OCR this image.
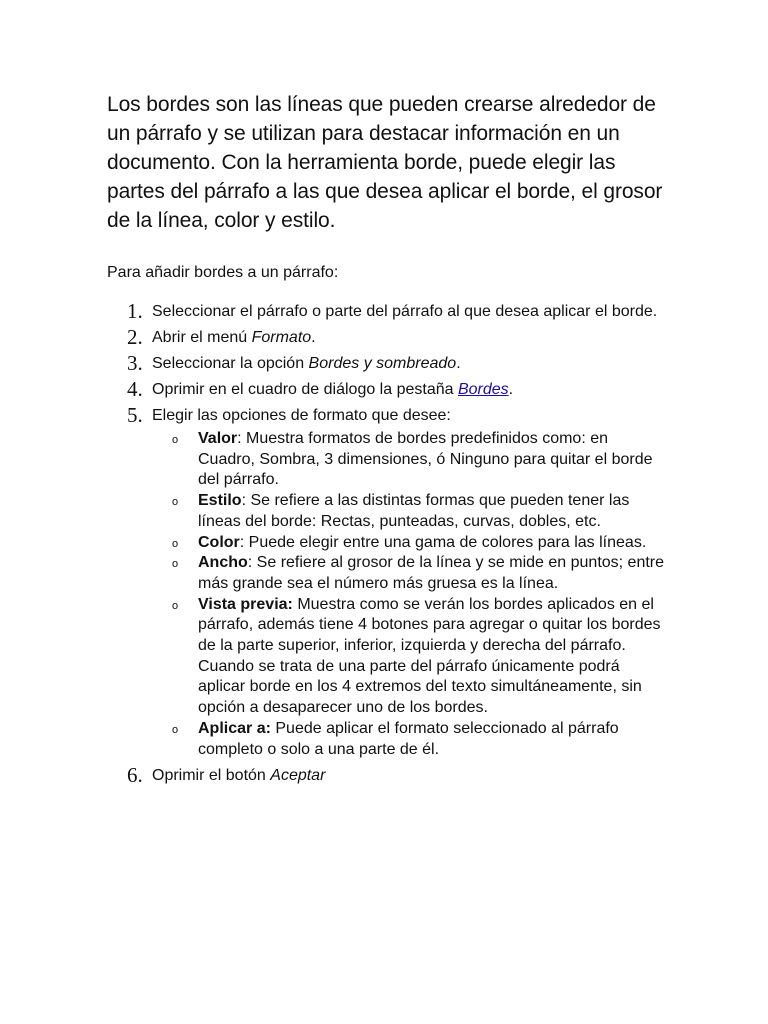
Los bordes son las líneas que pueden crearse alrededor de un párrafo y se utilizan para destacar información en un documento. Con la herramienta borde, puede elegir las partes del párrafo a las que desea aplicar el borde, el grosor de la línea, color y estilo.

Para añadir bordes a un párrafo:

1. Seleccionar el párrafo o parte del párrafo al que desea aplicar el borde.
2. Abrir el menú Formato.
3. Seleccionar la opción Bordes y sombreado.
4. Oprimir en el cuadro de diálogo la pestaña Bordes.
5. Elegir las opciones de formato que desee:
o Valor: Muestra formatos de bordes predefinidos como: en Cuadro, Sombra, 3 dimensiones, ó Ninguno para quitar el borde del párrafo.
o Estilo: Se refiere a las distintas formas que pueden tener las líneas del borde: Rectas, punteadas, curvas, dobles, etc.
o Color: Puede elegir entre una gama de colores para las líneas.
o Ancho: Se refiere al grosor de la línea y se mide en puntos; entre más grande sea el número más gruesa es la línea.
o Vista previa: Muestra como se verán los bordes aplicados en el párrafo, además tiene 4 botones para agregar o quitar los bordes de la parte superior, inferior, izquierda y derecha del párrafo. Cuando se trata de una parte del párrafo únicamente podrá aplicar borde en los 4 extremos del texto simultáneamente, sin opción a desaparecer uno de los bordes.
o Aplicar a: Puede aplicar el formato seleccionado al párrafo completo o solo a una parte de él.
6. Oprimir el botón Aceptar
